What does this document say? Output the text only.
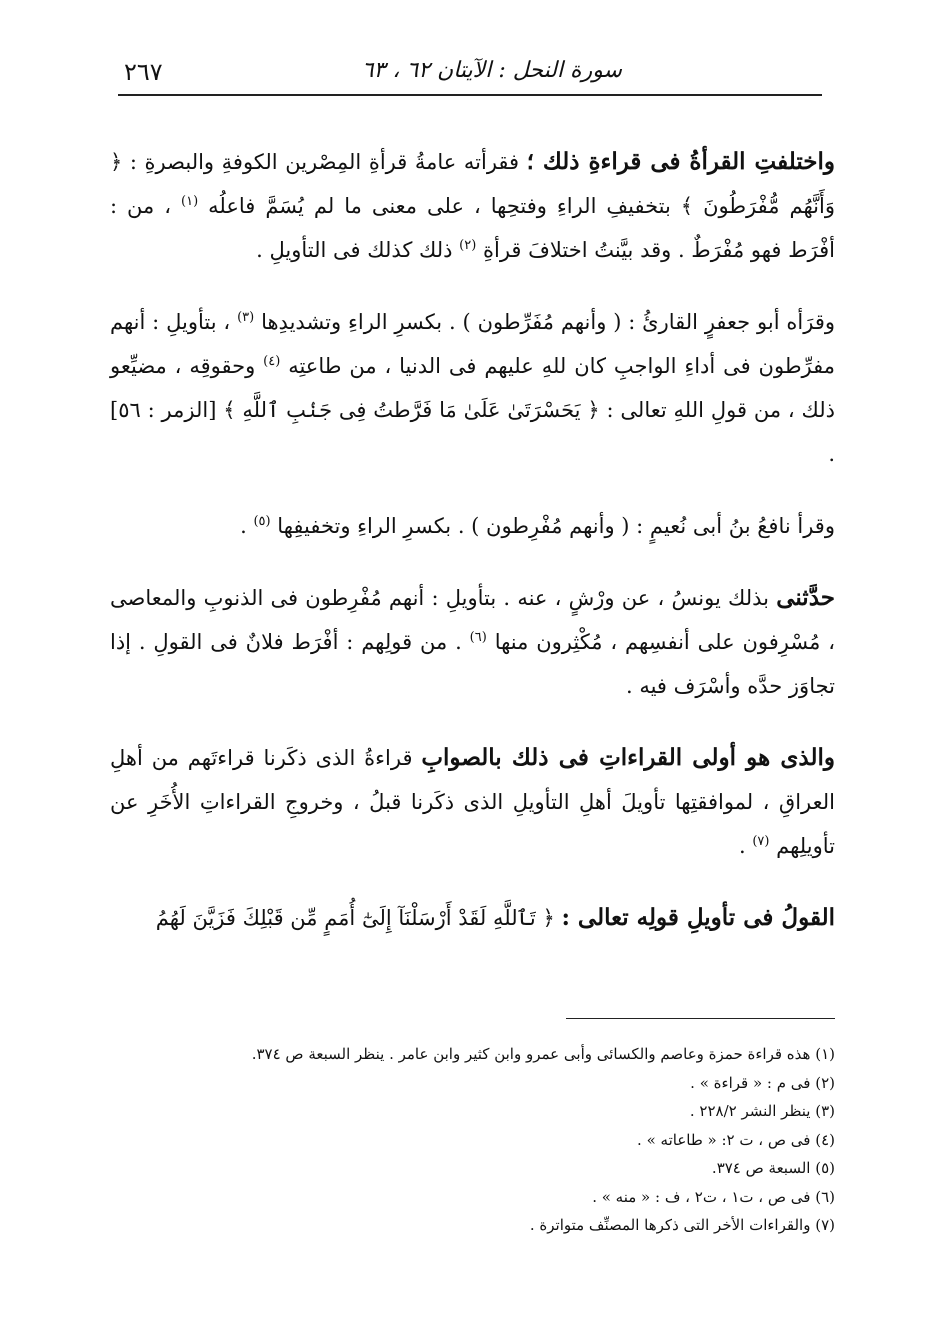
سورة النحل : الآيتان ٦٢ ، ٦٣
٢٦٧

واختلفتِ القرأةُ فى قراءةِ ذلك ؛ فقرأته عامةُ قرأةِ المِصْرين الكوفةِ والبصرةِ : ﴿ وَأَنَّهُم مُّفْرَطُونَ ﴾ بتخفيفِ الراءِ وفتحِها ، على معنى ما لم يُسَمَّ فاعلُه $^{(١)}$ ، من : أفْرَط فهو مُفْرَطٌ . وقد بيَّنتُ اختلافَ قرأةِ $^{(٢)}$ ذلك كذلك فى التأويلِ .

وقرَأه أبو جعفرٍ القارئُ : ( وأنهم مُفَرِّطون ) . بكسرِ الراءِ وتشديدِها $^{(٣)}$ ، بتأويلِ : أنهم مفرِّطون فى أداءِ الواجبِ كان للهِ عليهم فى الدنيا ، من طاعتِه $^{(٤)}$ وحقوقِه ، مضيِّعو ذلك ، من قولِ اللهِ تعالى : ﴿ يَحَسْرَتَىٰ عَلَىٰ مَا فَرَّطتُ فِى جَنۢبِ ٱللَّهِ ﴾ [الزمر : ٥٦] .

وقرأ نافعُ بنُ أبى نُعيمٍ : ( وأنهم مُفْرِطون ) . بكسرِ الراءِ وتخفيفِها $^{(٥)}$ .

حدَّثنى بذلك يونسُ ، عن ورْشٍ ، عنه . بتأويلِ : أنهم مُفْرِطون فى الذنوبِ والمعاصى ، مُسْرِفون على أنفسِهم ، مُكْثِرون منها $^{(٦)}$ . من قولِهم : أفْرَط فلانٌ فى القولِ . إذا تجاوَز حدَّه وأسْرَف فيه .

والذى هو أولى القراءاتِ فى ذلك بالصوابِ قراءةُ الذى ذكَرنا قراءتَهم من أهلِ العراقِ ، لموافقتِها تأويلَ أهلِ التأويلِ الذى ذكَرنا قبلُ ، وخروجِ القراءاتِ الأُخَرِ عن تأويلِهم $^{(٧)}$ .

القولُ فى تأويلِ قولِه تعالى : ﴿ تَٱللَّهِ لَقَدْ أَرْسَلْنَآ إِلَىٰٓ أُمَمٍ مِّن قَبْلِكَ فَزَيَّنَ لَهُمُ

(١) هذه قراءة حمزة وعاصم والكسائى وأبى عمرو وابن كثير وابن عامر . ينظر السبعة ص ٣٧٤.
(٢) فى م : « قراءة » .
(٣) ينظر النشر ٢٢٨/٢ .
(٤) فى ص ، ت ٢: « طاعاته » .
(٥) السبعة ص ٣٧٤.
(٦) فى ص ، ت١ ، ت٢ ، ف : « منه » .
(٧) والقراءات الأخر التى ذكرها المصنِّف متواترة .
